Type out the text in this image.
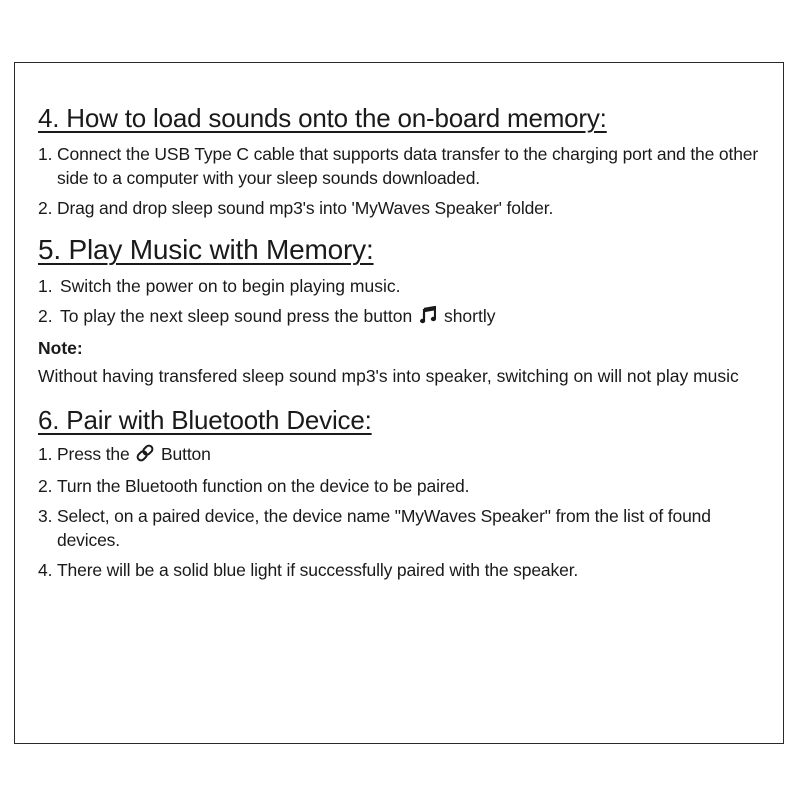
4. How to load sounds onto the on-board memory:
1. Connect the USB Type C cable that supports data transfer to the charging port and the other side to a computer with your sleep sounds downloaded.
2. Drag and drop sleep sound mp3's into 'MyWaves Speaker' folder.
5. Play Music with Memory:
1. Switch the power on to begin playing music.
2. To play the next sleep sound press the button shortly
Note:
Without having transfered sleep sound mp3's into speaker, switching on will not play music
6. Pair with Bluetooth Device:
1. Press the Button
2. Turn the Bluetooth function on the device to be paired.
3. Select, on a paired device, the device name "MyWaves Speaker" from the list of found devices.
4. There will be a solid blue light if successfully paired with the speaker.
